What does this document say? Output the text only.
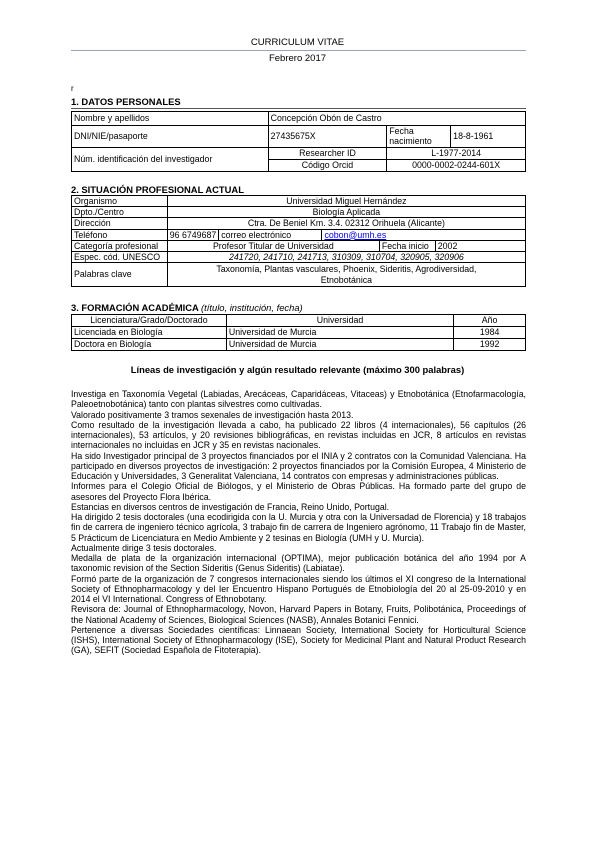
CURRICULUM VITAE
Febrero 2017
r
1. DATOS PERSONALES
Nombre y apellidos	Concepción Obón de Castro		
DNI/NIE/pasaporte	27435675X	Fecha nacimiento	18-8-1961
Núm. identificación del investigador	Researcher ID	L-1977-2014	
	Código Orcid	0000-0002-0244-601X	
2. SITUACIÓN PROFESIONAL ACTUAL
Organismo	Universidad Miguel Hernández				
Dpto./Centro	Biología Aplicada				
Dirección	Ctra. De Beniel Km. 3.4. 02312 Orihuela (Alicante)				
Teléfono	96 6749687	correo electrónico	cobon@umh.es		
Categoría profesional	Profesor Titular de Universidad			Fecha inicio	2002
Espec. cód. UNESCO	241720, 241710, 241713, 310309, 310704, 320905, 320906				
Palabras clave	Taxonomía, Plantas vasculares, Phoenix, Sideritis, Agrodiversidad,
Etnobotánica				
3. FORMACIÓN ACADÉMICA (título, institución, fecha)
Licenciatura/Grado/Doctorado	Universidad	Año
Licenciada en Biología	Universidad de Murcia	1984
Doctora en Biología	Universidad de Murcia	1992
Líneas de investigación y algún resultado relevante (máximo 300 palabras)

Investiga en Taxonomía Vegetal (Labiadas, Arecáceas, Caparidáceas, Vitaceas) y Etnobotánica (Etnofarmacología, Paleoetnobotánica) tanto con plantas silvestres como cultivadas.

Valorado positivamente 3 tramos sexenales de investigación hasta 2013.

Como resultado de la investigación llevada a cabo, ha publicado 22 libros (4 internacionales), 56 capítulos (26 internacionales), 53 artículos, y 20 revisiones bibliográficas, en revistas incluidas en JCR, 8 artículos en revistas internacionales no incluidas en JCR y 35 en revistas nacionales.

Ha sido Investigador principal de 3 proyectos financiados por el INIA y 2 contratos con la Comunidad Valenciana. Ha participado en diversos proyectos de investigación: 2 proyectos financiados por la Comisión Europea, 4 Ministerio de Educación y Universidades, 3 Generalitat Valenciana, 14 contratos con empresas y administraciones públicas.

Informes para el Colegio Oficial de Biólogos, y el Ministerio de Obras Públicas. Ha formado parte del grupo de asesores del Proyecto Flora Ibérica.

Estancias en diversos centros de investigación de Francia, Reino Unido, Portugal.

Ha dirigido 2 tesis doctorales (una ecodirigida con la U. Murcia y otra con la Universadad de Florencia) y 18 trabajos fin de carrera de ingeniero técnico agrícola, 3 trabajo fin de carrera de Ingeniero agrónomo, 11 Trabajo fin de Master, 5 Prácticum de Licenciatura en Medio Ambiente y 2 tesinas en Biología (UMH y U. Murcia).

Actualmente dirige 3 tesis doctorales.

Medalla de plata de la organización internacional (OPTIMA), mejor publicación botánica del año 1994 por A taxonomic revision of the Section Sideritis (Genus Sideritis) (Labiatae).

Formó parte de la organización de 7 congresos internacionales siendo los últimos el XI congreso de la International Society of Ethnopharmacology y del Ier Encuentro Hispano Portugués de Etnobiología del 20 al 25-09-2010 y en 2014 el VI International. Congress of Ethnobotany.

Revisora de: Journal of Ethnopharmacology, Novon, Harvard Papers in Botany, Fruits, Polibotánica, Proceedings of the National Academy of Sciences, Biological Sciences (NASB), Annales Botanici Fennici.

Pertenence a diversas Sociedades científicas: Linnaean Society, International Society for Horticultural Science (ISHS), International Society of Ethnopharmacology (ISE), Society for Medicinal Plant and Natural Product Research (GA), SEFIT (Sociedad Española de Fitoterapia).
